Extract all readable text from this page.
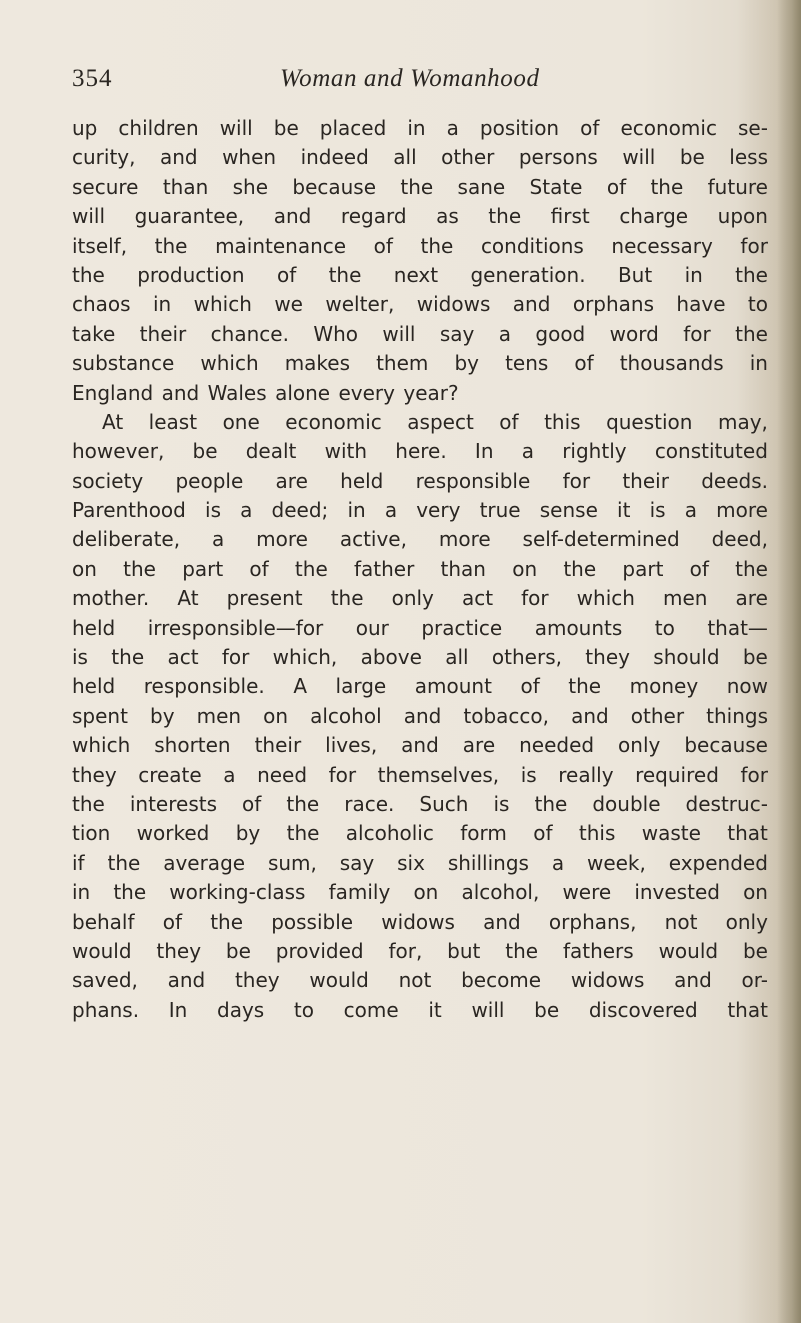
354	Woman and Womanhood
up children will be placed in a position of economic se-
curity, and when indeed all other persons will be less
secure than she because the sane State of the future
will guarantee, and regard as the first charge upon
itself, the maintenance of the conditions necessary for
the production of the next generation. But in the
chaos in which we welter, widows and orphans have to
take their chance. Who will say a good word for the
substance which makes them by tens of thousands in
England and Wales alone every year?
At least one economic aspect of this question may,
however, be dealt with here. In a rightly constituted
society people are held responsible for their deeds.
Parenthood is a deed; in a very true sense it is a more
deliberate, a more active, more self-determined deed,
on the part of the father than on the part of the
mother. At present the only act for which men are
held irresponsible—for our practice amounts to that—
is the act for which, above all others, they should be
held responsible. A large amount of the money now
spent by men on alcohol and tobacco, and other things
which shorten their lives, and are needed only because
they create a need for themselves, is really required for
the interests of the race. Such is the double destruc-
tion worked by the alcoholic form of this waste that
if the average sum, say six shillings a week, expended
in the working-class family on alcohol, were invested on
behalf of the possible widows and orphans, not only
would they be provided for, but the fathers would be
saved, and they would not become widows and or-
phans. In days to come it will be discovered that
